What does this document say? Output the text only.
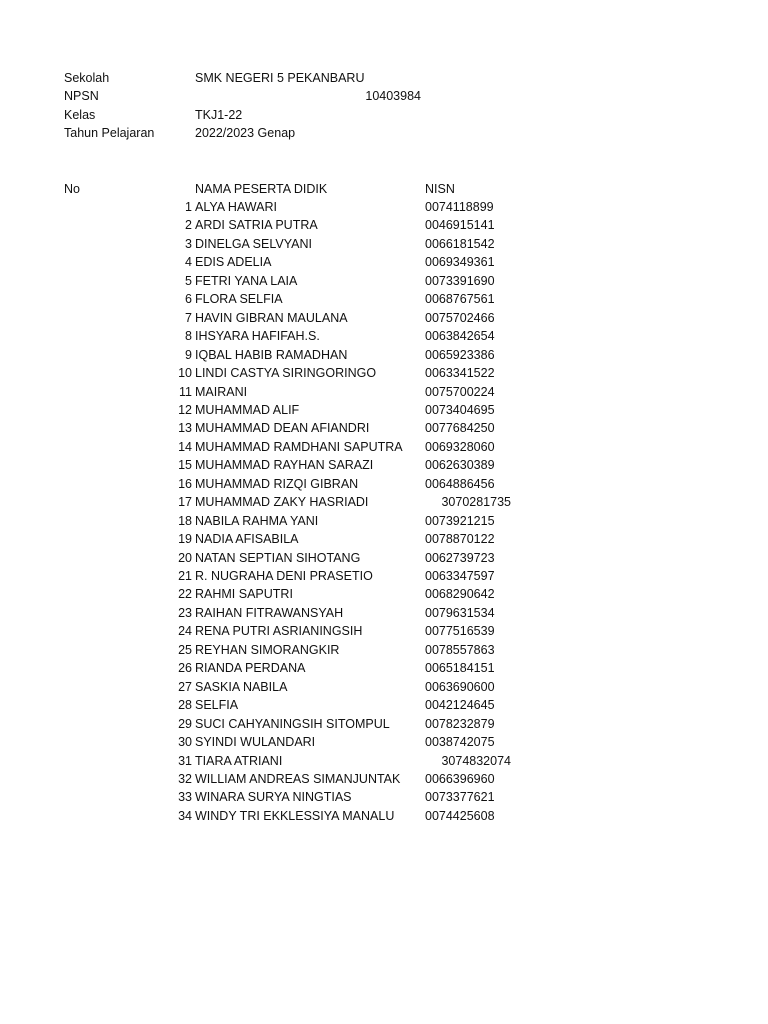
Sekolah	SMK NEGERI 5 PEKANBARU
NPSN	10403984
Kelas	TKJ1-22
Tahun Pelajaran	2022/2023 Genap
No	NAMA PESERTA DIDIK	NISN
1 ALYA HAWARI	0074118899
2 ARDI SATRIA PUTRA	0046915141
3 DINELGA SELVYANI	0066181542
4 EDIS ADELIA	0069349361
5 FETRI YANA LAIA	0073391690
6 FLORA SELFIA	0068767561
7 HAVIN GIBRAN MAULANA	0075702466
8 IHSYARA HAFIFAH.S.	0063842654
9 IQBAL HABIB RAMADHAN	0065923386
10 LINDI CASTYA SIRINGORINGO	0063341522
11 MAIRANI	0075700224
12 MUHAMMAD ALIF	0073404695
13 MUHAMMAD DEAN AFIANDRI	0077684250
14 MUHAMMAD RAMDHANI SAPUTRA 0069328060
15 MUHAMMAD RAYHAN SARAZI	0062630389
16 MUHAMMAD RIZQI GIBRAN	0064886456
17 MUHAMMAD ZAKY HASRIADI	3070281735
18 NABILA RAHMA YANI	0073921215
19 NADIA AFISABILA	0078870122
20 NATAN SEPTIAN SIHOTANG	0062739723
21 R. NUGRAHA DENI PRASETIO	0063347597
22 RAHMI SAPUTRI	0068290642
23 RAIHAN FITRAWANSYAH	0079631534
24 RENA PUTRI ASRIANINGSIH	0077516539
25 REYHAN SIMORANGKIR	0078557863
26 RIANDA PERDANA	0065184151
27 SASKIA NABILA	0063690600
28 SELFIA	0042124645
29 SUCI CAHYANINGSIH SITOMPUL	0078232879
30 SYINDI WULANDARI	0038742075
31 TIARA ATRIANI	3074832074
32 WILLIAM ANDREAS SIMANJUNTAK 0066396960
33 WINARA SURYA NINGTIAS	0073377621
34 WINDY TRI EKKLESSIYA MANALU 0074425608
